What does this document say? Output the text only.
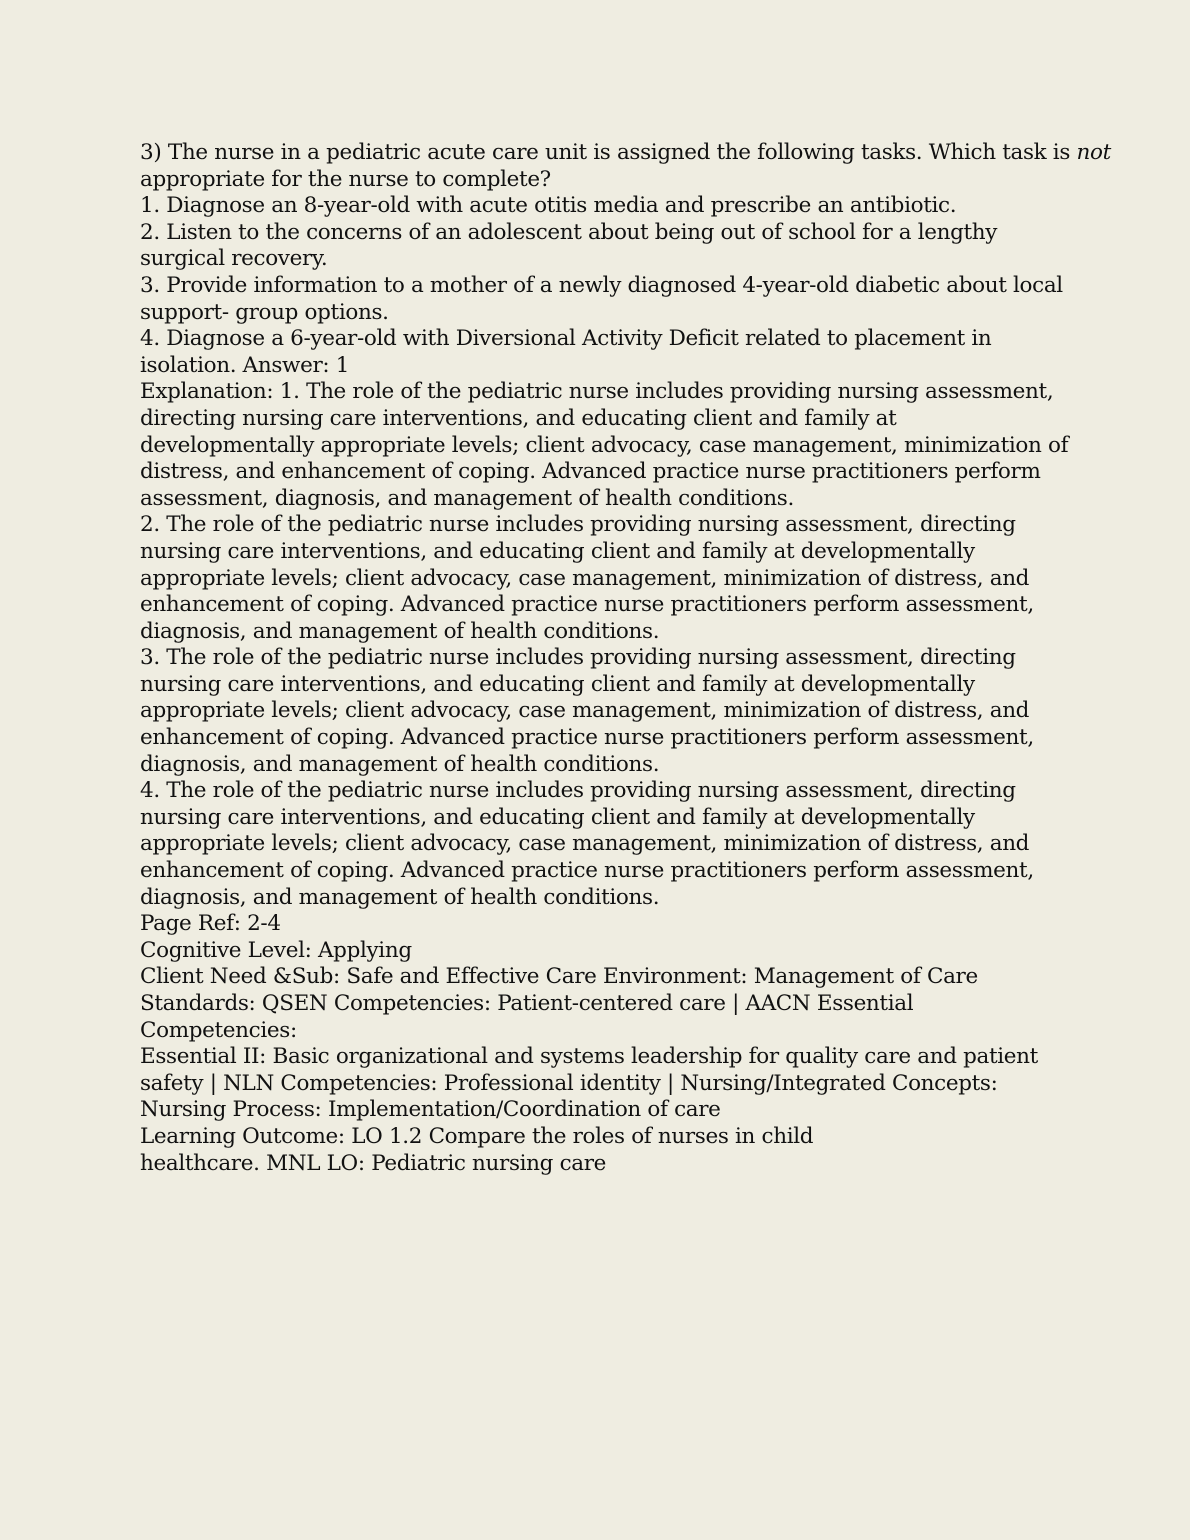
3) The nurse in a pediatric acute care unit is assigned the following tasks. Which task is not
appropriate for the nurse to complete?
1. Diagnose an 8-year-old with acute otitis media and prescribe an antibiotic.
2. Listen to the concerns of an adolescent about being out of school for a lengthy
surgical recovery.
3. Provide information to a mother of a newly diagnosed 4-year-old diabetic about local
support- group options.
4. Diagnose a 6-year-old with Diversional Activity Deficit related to placement in
isolation. Answer: 1
Explanation: 1. The role of the pediatric nurse includes providing nursing assessment,
directing nursing care interventions, and educating client and family at
developmentally appropriate levels; client advocacy, case management, minimization of
distress, and enhancement of coping. Advanced practice nurse practitioners perform
assessment, diagnosis, and management of health conditions.
2. The role of the pediatric nurse includes providing nursing assessment, directing
nursing care interventions, and educating client and family at developmentally
appropriate levels; client advocacy, case management, minimization of distress, and
enhancement of coping. Advanced practice nurse practitioners perform assessment,
diagnosis, and management of health conditions.
3. The role of the pediatric nurse includes providing nursing assessment, directing
nursing care interventions, and educating client and family at developmentally
appropriate levels; client advocacy, case management, minimization of distress, and
enhancement of coping. Advanced practice nurse practitioners perform assessment,
diagnosis, and management of health conditions.
4. The role of the pediatric nurse includes providing nursing assessment, directing
nursing care interventions, and educating client and family at developmentally
appropriate levels; client advocacy, case management, minimization of distress, and
enhancement of coping. Advanced practice nurse practitioners perform assessment,
diagnosis, and management of health conditions.
Page Ref: 2-4
Cognitive Level: Applying
Client Need &Sub: Safe and Effective Care Environment: Management of Care
Standards: QSEN Competencies: Patient-centered care | AACN Essential
Competencies:
Essential II: Basic organizational and systems leadership for quality care and patient
safety | NLN Competencies: Professional identity | Nursing/Integrated Concepts:
Nursing Process: Implementation/Coordination of care
Learning Outcome: LO 1.2 Compare the roles of nurses in child
healthcare. MNL LO: Pediatric nursing care
